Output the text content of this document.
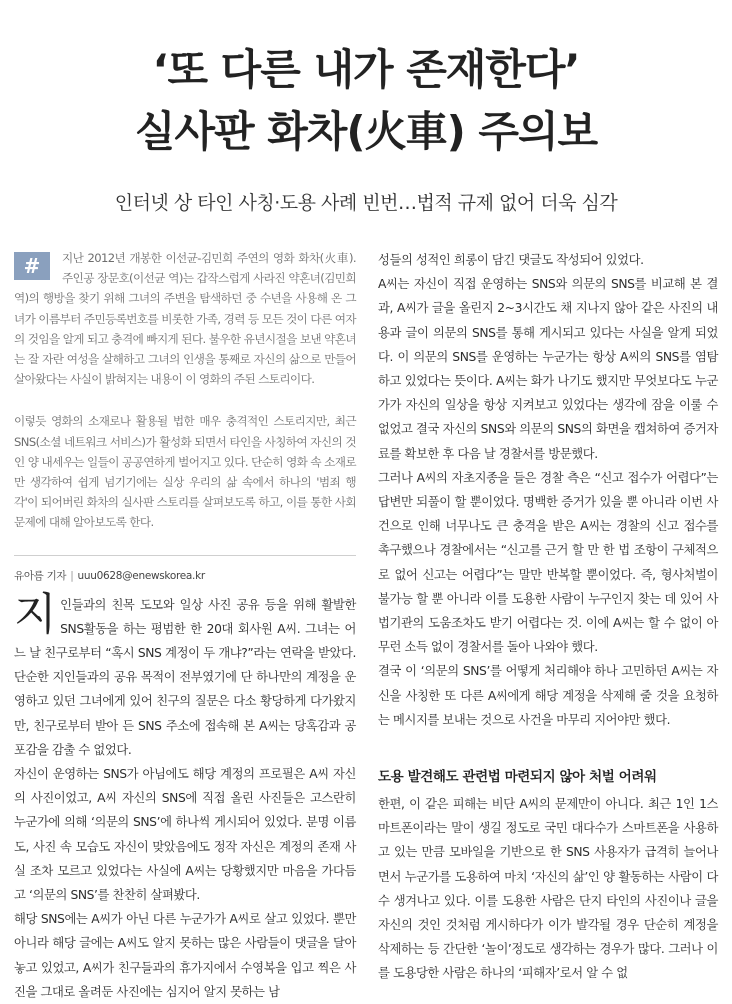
‘또 다른 내가 존재한다’
실사판 화차(火車) 주의보
인터넷 상 타인 사칭·도용 사례 빈번…법적 규제 없어 더욱 심각
#	지난 2012년 개봉한 이선균-김민희 주연의 영화 화차(火車). 주인공 장문호(이선균 역)는 갑작스럽게 사라진 약혼녀(김민희 역)의 행방을 찾기 위해 그녀의 주변을 탐색하던 중 수년을 사용해 온 그녀가 이름부터 주민등록번호를 비롯한 가족, 경력 등 모든 것이 다른 여자의 것임을 알게 되고 충격에 빠지게 된다. 불우한 유년시절을 보낸 약혼녀는 잘 자란 여성을 살해하고 그녀의 인생을 통째로 자신의 삶으로 만들어 살아왔다는 사실이 밝혀지는 내용이 이 영화의 주된 스토리이다.

이렇듯 영화의 소재로나 활용될 법한 매우 충격적인 스토리지만, 최근 SNS(소셜 네트워크 서비스)가 활성화 되면서 타인을 사칭하여 자신의 것인 양 내세우는 일들이 공공연하게 벌어지고 있다. 단순히 영화 속 소재로만 생각하여 쉽게 넘기기에는 실상 우리의 삶 속에서 하나의 '범죄 행각'이 되어버린 화차의 실사판 스토리를 살펴보도록 하고, 이를 통한 사회 문제에 대해 알아보도록 한다.

유아름 기자 | uuu0628@enewskorea.kr

지인들과의 친목 도모와 일상 사진 공유 등을 위해 활발한 SNS활동을 하는 평범한 한 20대 회사원 A씨. 그녀는 어느 날 친구로부터 “혹시 SNS 계정이 두 개냐?”라는 연락을 받았다. 단순한 지인들과의 공유 목적이 전부였기에 단 하나만의 계정을 운영하고 있던 그녀에게 있어 친구의 질문은 다소 황당하게 다가왔지만, 친구로부터 받아 든 SNS 주소에 접속해 본 A씨는 당혹감과 공포감을 감출 수 없었다.

자신이 운영하는 SNS가 아님에도 해당 계정의 프로필은 A씨 자신의 사진이었고, A씨 자신의 SNS에 직접 올린 사진들은 고스란히 누군가에 의해 ‘의문의 SNS’에 하나씩 게시되어 있었다. 분명 이름도, 사진 속 모습도 자신이 맞았음에도 정작 자신은 계정의 존재 사실 조차 모르고 있었다는 사실에 A씨는 당황했지만 마음을 가다듬고 ‘의문의 SNS’를 찬찬히 살펴봤다.

해당 SNS에는 A씨가 아닌 다른 누군가가 A씨로 살고 있었다. 뿐만 아니라 해당 글에는 A씨도 알지 못하는 많은 사람들이 댓글을 달아놓고 있었고, A씨가 친구들과의 휴가지에서 수영복을 입고 찍은 사진을 그대로 올려둔 사진에는 심지어 알지 못하는 남

성들의 성적인 희롱이 담긴 댓글도 작성되어 있었다.

A씨는 자신이 직접 운영하는 SNS와 의문의 SNS를 비교해 본 결과, A씨가 글을 올린지 2~3시간도 채 지나지 않아 같은 사진의 내용과 글이 의문의 SNS를 통해 게시되고 있다는 사실을 알게 되었다. 이 의문의 SNS를 운영하는 누군가는 항상 A씨의 SNS를 염탐하고 있었다는 뜻이다. A씨는 화가 나기도 했지만 무엇보다도 누군가가 자신의 일상을 항상 지켜보고 있었다는 생각에 잠을 이룰 수 없었고 결국 자신의 SNS와 의문의 SNS의 화면을 캡쳐하여 증거자료를 확보한 후 다음 날 경찰서를 방문했다.

그러나 A씨의 자초지종을 들은 경찰 측은 “신고 접수가 어렵다”는 답변만 되풀이 할 뿐이었다. 명백한 증거가 있을 뿐 아니라 이번 사건으로 인해 너무나도 큰 충격을 받은 A씨는 경찰의 신고 접수를 촉구했으나 경찰에서는 “신고를 근거 할 만 한 법 조항이 구체적으로 없어 신고는 어렵다”는 말만 반복할 뿐이었다. 즉, 형사처벌이 불가능 할 뿐 아니라 이를 도용한 사람이 누구인지 찾는 데 있어 사법기관의 도움조차도 받기 어렵다는 것. 이에 A씨는 할 수 없이 아무런 소득 없이 경찰서를 돌아 나와야 했다.

결국 이 ‘의문의 SNS’를 어떻게 처리해야 하나 고민하던 A씨는 자신을 사칭한 또 다른 A씨에게 해당 계정을 삭제해 줄 것을 요청하는 메시지를 보내는 것으로 사건을 마무리 지어야만 했다.

도용 발견해도 관련법 마련되지 않아 처벌 어려워

한편, 이 같은 피해는 비단 A씨의 문제만이 아니다. 최근 1인 1스마트폰이라는 말이 생길 정도로 국민 대다수가 스마트폰을 사용하고 있는 만큼 모바일을 기반으로 한 SNS 사용자가 급격히 늘어나면서 누군가를 도용하여 마치 ‘자신의 삶’인 양 활동하는 사람이 다수 생겨나고 있다. 이를 도용한 사람은 단지 타인의 사진이나 글을 자신의 것인 것처럼 게시하다가 이가 발각될 경우 단순히 계정을 삭제하는 등 간단한 ‘놀이’정도로 생각하는 경우가 많다. 그러나 이를 도용당한 사람은 하나의 ‘피해자’로서 알 수 없
